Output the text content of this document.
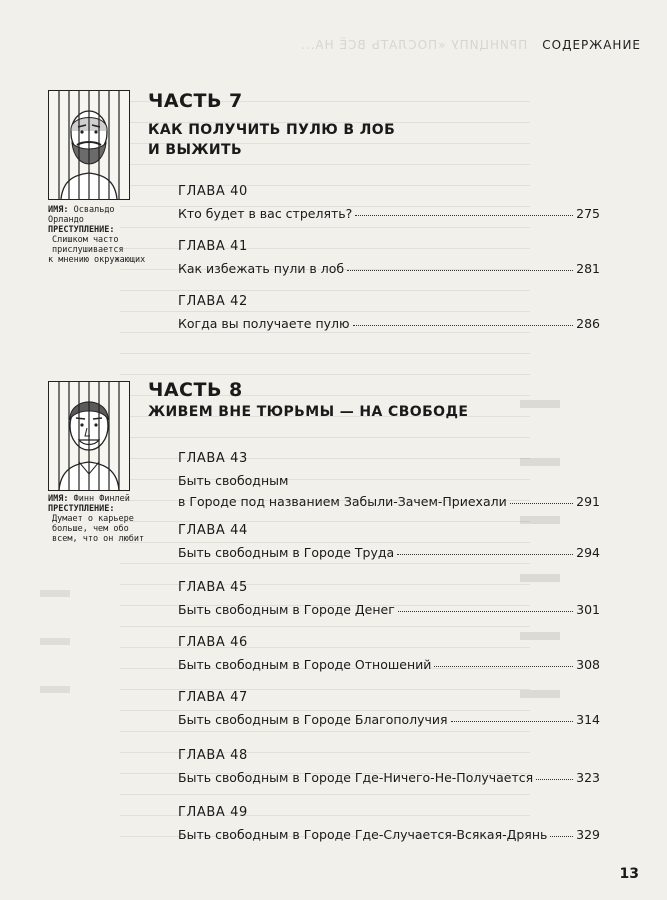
ПРИНЦИПУ «ПОСЛАТЬ ВСЁ НА... СОДЕРЖАНИЕ
ИМЯ: Освальдо Орландо
ПРЕСТУПЛЕНИЕ:
Слишком часто
прислушивается
к мнению окружающих
ЧАСТЬ 7
КАК ПОЛУЧИТЬ ПУЛЮ В ЛОБ
И ВЫЖИТЬ
ГЛАВА 40
Кто будет в вас стрелять?	275
ГЛАВА 41
Как избежать пули в лоб	281
ГЛАВА 42
Когда вы получаете пулю	286
ИМЯ: Финн Финлей
ПРЕСТУПЛЕНИЕ:
Думает о карьере
больше, чем обо
всем, что он любит
ЧАСТЬ 8
ЖИВЕМ ВНЕ ТЮРЬМЫ — НА СВОБОДЕ
ГЛАВА 43
Быть свободным
в Городе под названием Забыли-Зачем-Приехали	291
ГЛАВА 44
Быть свободным в Городе Труда	294
ГЛАВА 45
Быть свободным в Городе Денег	301
ГЛАВА 46
Быть свободным в Городе Отношений	308
ГЛАВА 47
Быть свободным в Городе Благополучия	314
ГЛАВА 48
Быть свободным в Городе Где-Ничего-Не-Получается	323
ГЛАВА 49
Быть свободным в Городе Где-Случается-Всякая-Дрянь 329
13
